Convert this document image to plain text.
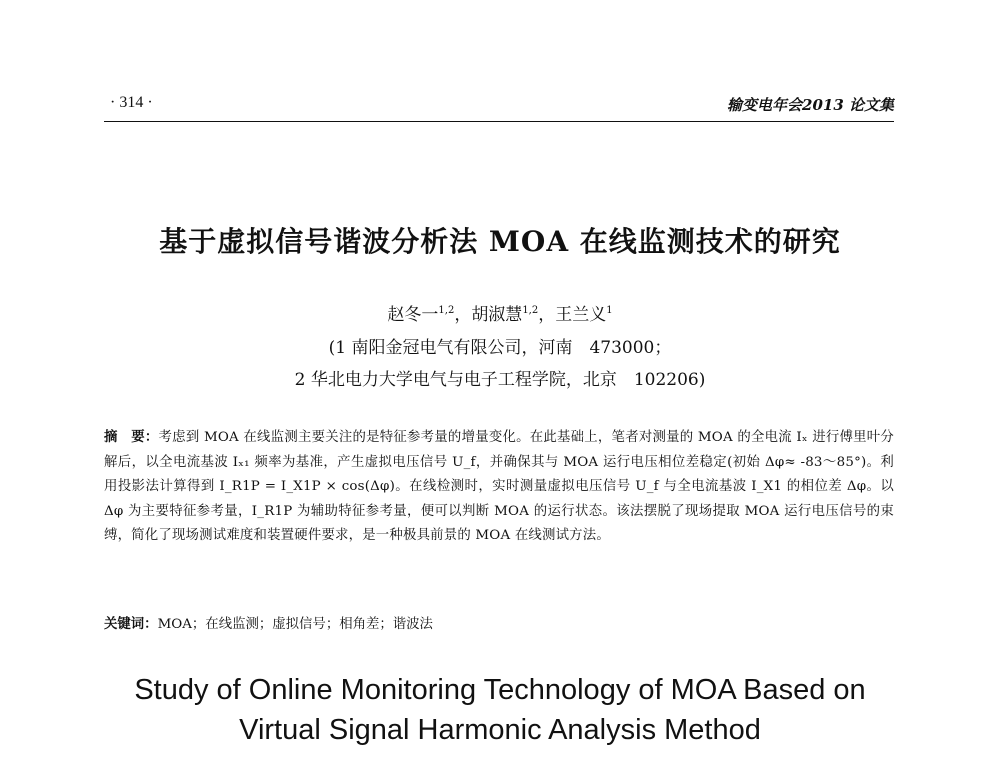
· 314 ·	输变电年会2013 论文集
基于虚拟信号谐波分析法 MOA 在线监测技术的研究
赵冬一$^{1,2}$，胡淑慧$^{1,2}$，王兰义$^1$
(1 南阳金冠电气有限公司，河南　473000；
2 华北电力大学电气与电子工程学院，北京　102206)
摘　要：考虑到 MOA 在线监测主要关注的是特征参考量的增量变化。在此基础上，笔者对测量的 MOA 的全电流 Iₓ 进行傅里叶分解后，以全电流基波 Iₓ₁ 频率为基准，产生虚拟电压信号 U_f，并确保其与 MOA 运行电压相位差稳定(初始 Δφ≈ -83～85°)。利用投影法计算得到 I_R1P = I_X1P × cos(Δφ)。在线检测时，实时测量虚拟电压信号 U_f 与全电流基波 I_X1 的相位差 Δφ。以 Δφ 为主要特征参考量，I_R1P 为辅助特征参考量，便可以判断 MOA 的运行状态。该法摆脱了现场提取 MOA 运行电压信号的束缚，简化了现场测试难度和装置硬件要求，是一种极具前景的 MOA 在线测试方法。
关键词：MOA；在线监测；虚拟信号；相角差；谐波法
Study of Online Monitoring Technology of MOA Based on
Virtual Signal Harmonic Analysis Method
